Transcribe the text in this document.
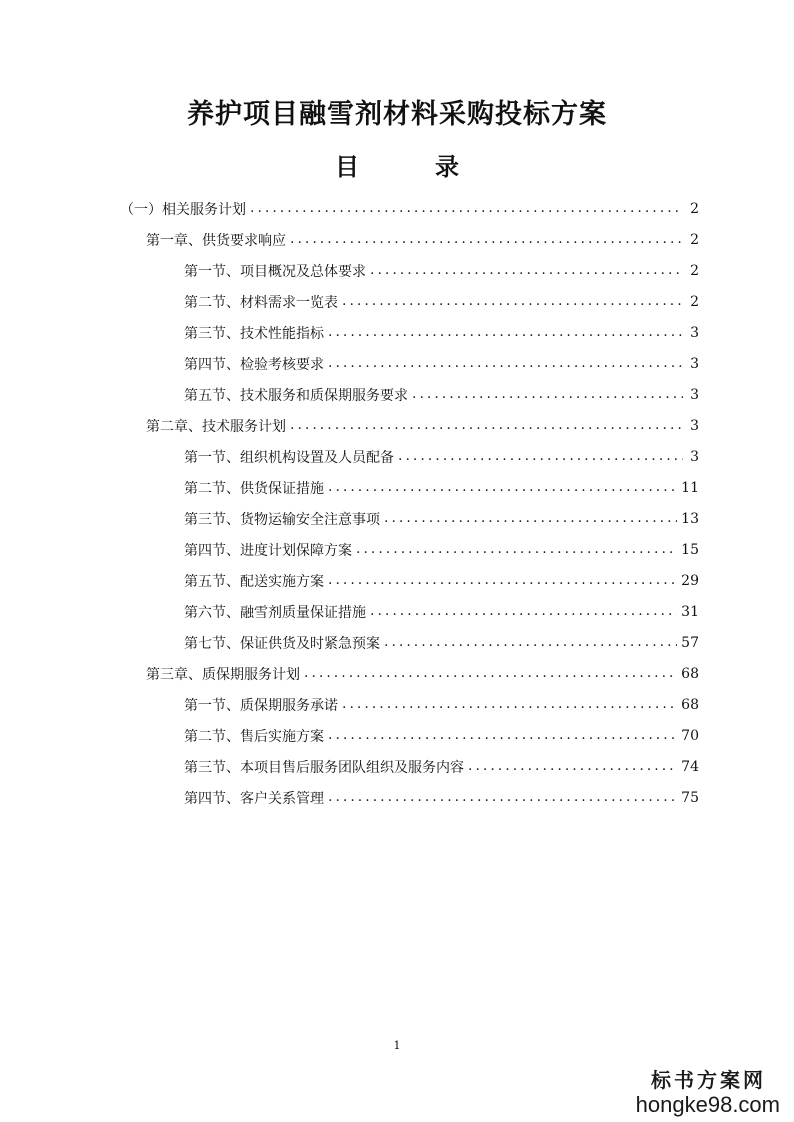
养护项目融雪剂材料采购投标方案
目　录
（一）相关服务计划 .....	2
第一章、供货要求响应 .....	2
第一节、项目概况及总体要求 .....	2
第二节、材料需求一览表 .....	2
第三节、技术性能指标 .....	3
第四节、检验考核要求 .....	3
第五节、技术服务和质保期服务要求 .....	3
第二章、技术服务计划 .....	3
第一节、组织机构设置及人员配备 .....	3
第二节、供货保证措施 .....	11
第三节、货物运输安全注意事项 .....	13
第四节、进度计划保障方案 .....	15
第五节、配送实施方案 .....	29
第六节、融雪剂质量保证措施 .....	31
第七节、保证供货及时紧急预案 .....	57
第三章、质保期服务计划 .....	68
第一节、质保期服务承诺 .....	68
第二节、售后实施方案 .....	70
第三节、本项目售后服务团队组织及服务内容 .....	74
第四节、客户关系管理 .....	75

1

标书方案网
hongke98.com
